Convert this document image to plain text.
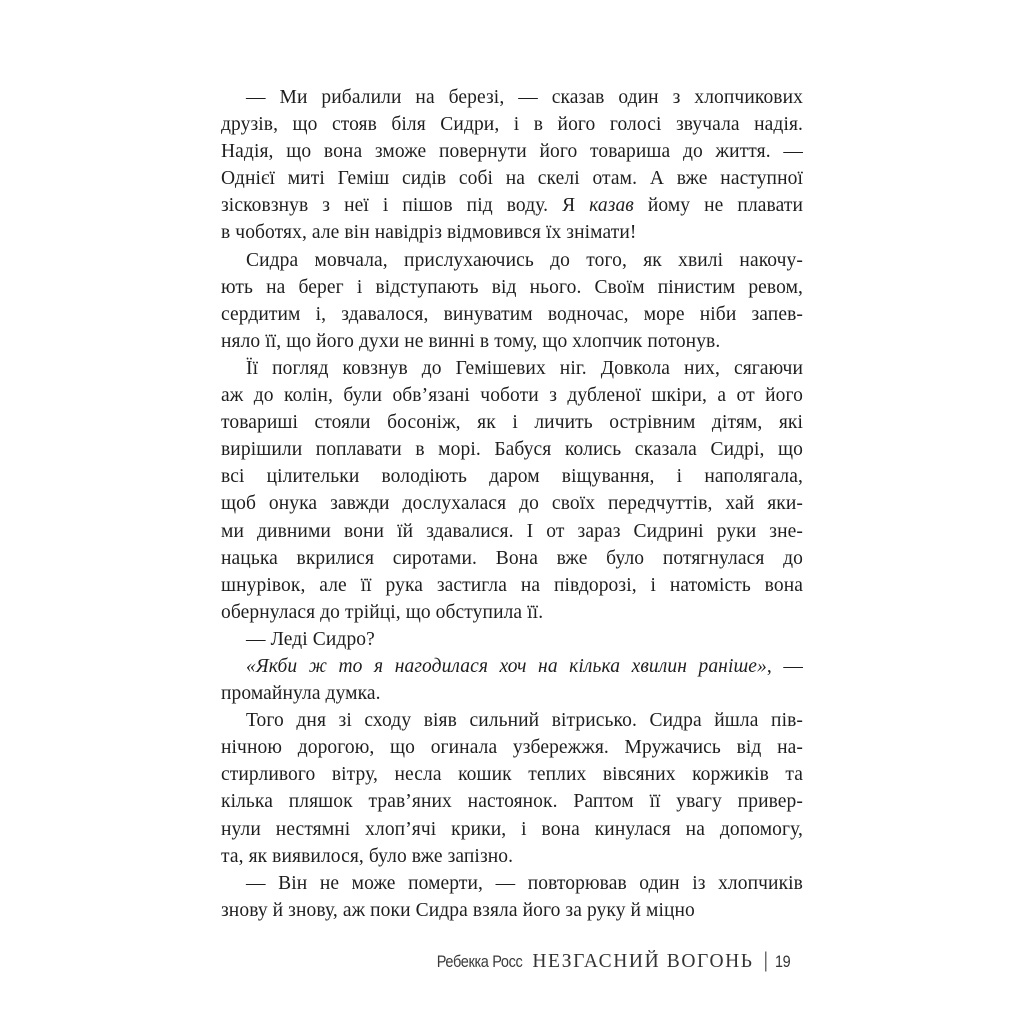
— Ми рибалили на березі, — сказав один з хлопчикових
друзів, що стояв біля Сидри, і в його голосі звучала надія.
Надія, що вона зможе повернути його товариша до життя. —
Однієї миті Геміш сидів собі на скелі отам. А вже наступної
зісковзнув з неї і пішов під воду. Я казав йому не плавати
в чоботях, але він навідріз відмовився їх знімати!
Сидра мовчала, прислухаючись до того, як хвилі накочу-
ють на берег і відступають від нього. Своїм пінистим ревом,
сердитим і, здавалося, винуватим водночас, море ніби запев-
няло її, що його духи не винні в тому, що хлопчик потонув.
Її погляд ковзнув до Гемішевих ніг. Довкола них, сягаючи
аж до колін, були обв’язані чоботи з дубленої шкіри, а от його
товариші стояли босоніж, як і личить острівним дітям, які
вирішили поплавати в морі. Бабуся колись сказала Сидрі, що
всі цілительки володіють даром віщування, і наполягала,
щоб онука завжди дослухалася до своїх передчуттів, хай яки-
ми дивними вони їй здавалися. І от зараз Сидрині руки зне-
нацька вкрилися сиротами. Вона вже було потягнулася до
шнурівок, але її рука застигла на півдорозі, і натомість вона
обернулася до трійці, що обступила її.
— Леді Сидро?
«Якби ж то я нагодилася хоч на кілька хвилин раніше», —
промайнула думка.
Того дня зі сходу віяв сильний вітрисько. Сидра йшла пів-
нічною дорогою, що огинала узбережжя. Мружачись від на-
стирливого вітру, несла кошик теплих вівсяних коржиків та
кілька пляшок трав’яних настоянок. Раптом її увагу привер-
нули нестямні хлоп’ячі крики, і вона кинулася на допомогу,
та, як виявилося, було вже запізно.
— Він не може померти, — повторював один із хлопчиків
знову й знову, аж поки Сидра взяла його за руку й міцно
Ребекка Росс НЕЗГАСНИЙ ВОГОНЬ | 19
